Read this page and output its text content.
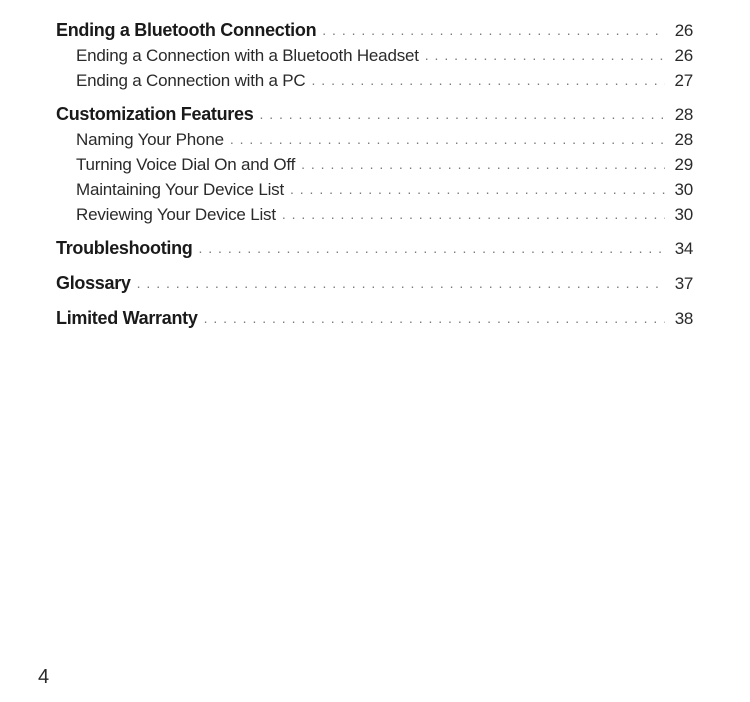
Ending a Bluetooth Connection . . .	26
Ending a Connection with a Bluetooth Headset . . .	26
Ending a Connection with a PC . . .	27
Customization Features . . .	28
Naming Your Phone . . .	28
Turning Voice Dial On and Off . . .	29
Maintaining Your Device List . . .	30
Reviewing Your Device List . . .	30
Troubleshooting . . .	34
Glossary . . .	37
Limited Warranty . . .	38
4
